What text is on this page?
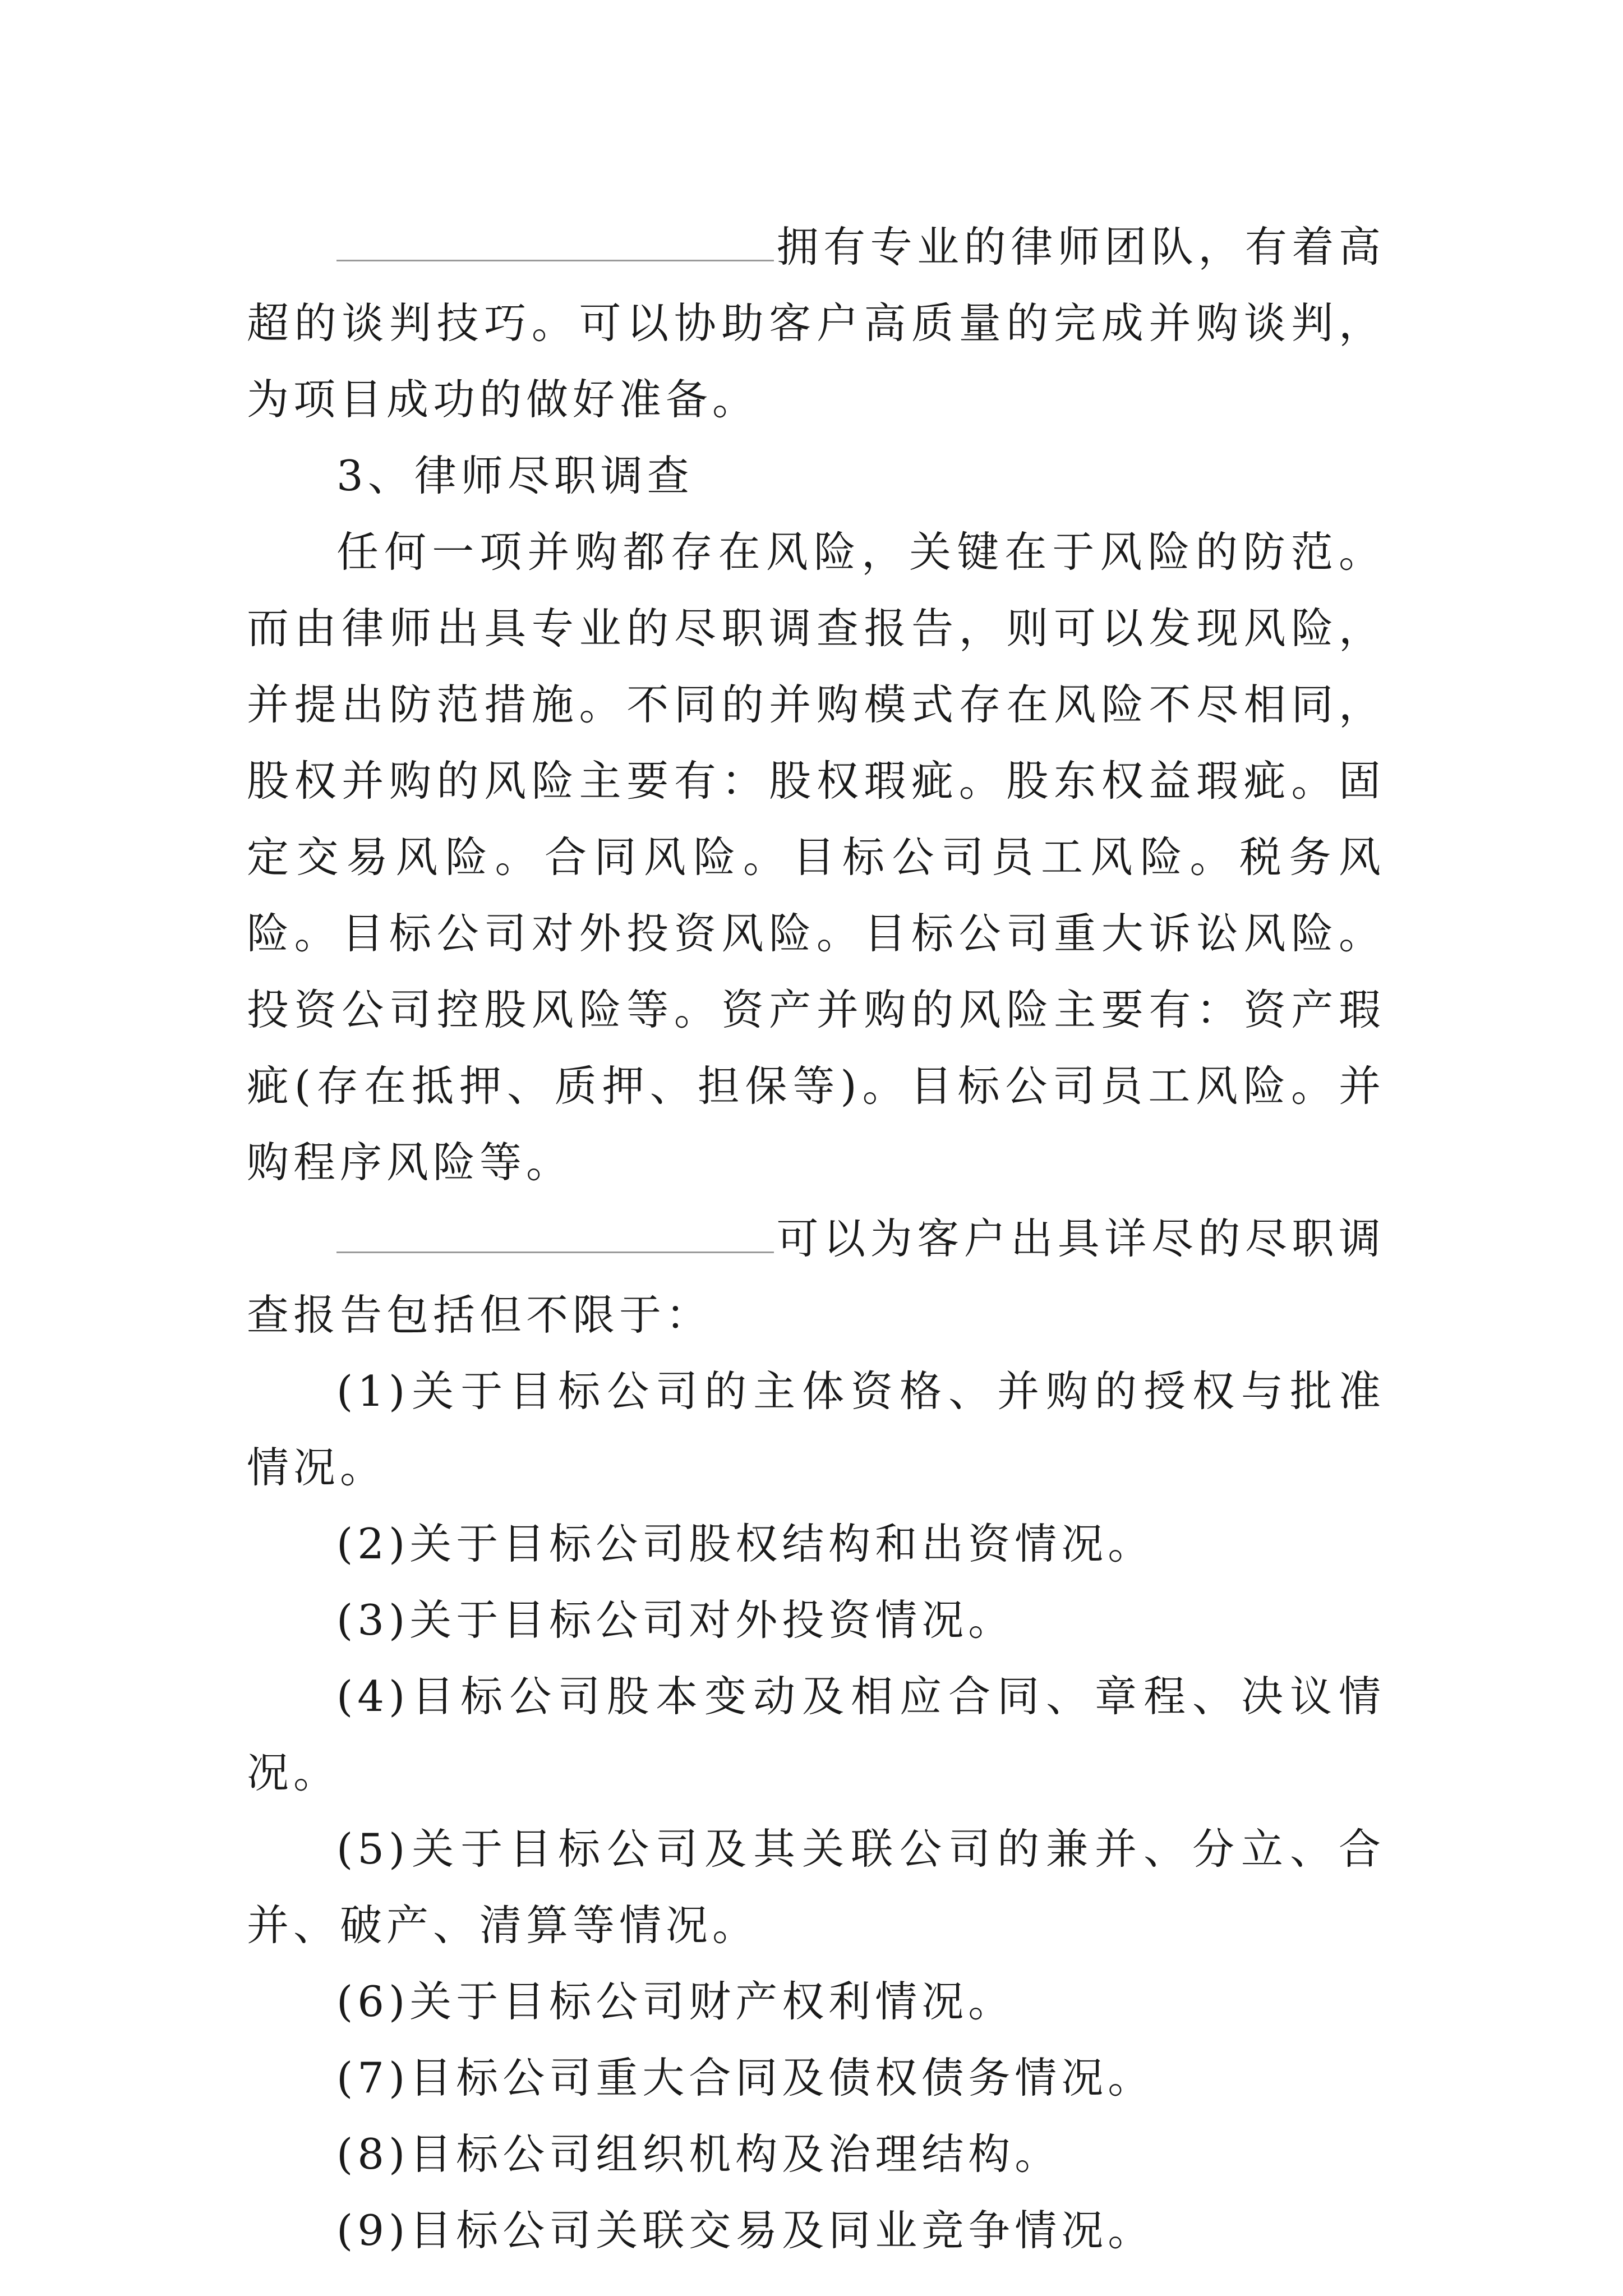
拥有专业的律师团队，有着高超的谈判技巧。可以协助客户高质量的完成并购谈判，为项目成功的做好准备。

3、律师尽职调查

任何一项并购都存在风险，关键在于风险的防范。而由律师出具专业的尽职调查报告，则可以发现风险，并提出防范措施。不同的并购模式存在风险不尽相同，股权并购的风险主要有：股权瑕疵。股东权益瑕疵。固定交易风险。合同风险。目标公司员工风险。税务风险。目标公司对外投资风险。目标公司重大诉讼风险。投资公司控股风险等。资产并购的风险主要有：资产瑕疵(存在抵押、质押、担保等)。目标公司员工风险。并购程序风险等。

可以为客户出具详尽的尽职调查报告包括但不限于：

(1)关于目标公司的主体资格、并购的授权与批准情况。

(2)关于目标公司股权结构和出资情况。

(3)关于目标公司对外投资情况。

(4)目标公司股本变动及相应合同、章程、决议情况。

(5)关于目标公司及其关联公司的兼并、分立、合并、破产、清算等情况。

(6)关于目标公司财产权利情况。

(7)目标公司重大合同及债权债务情况。

(8)目标公司组织机构及治理结构。

(9)目标公司关联交易及同业竞争情况。
